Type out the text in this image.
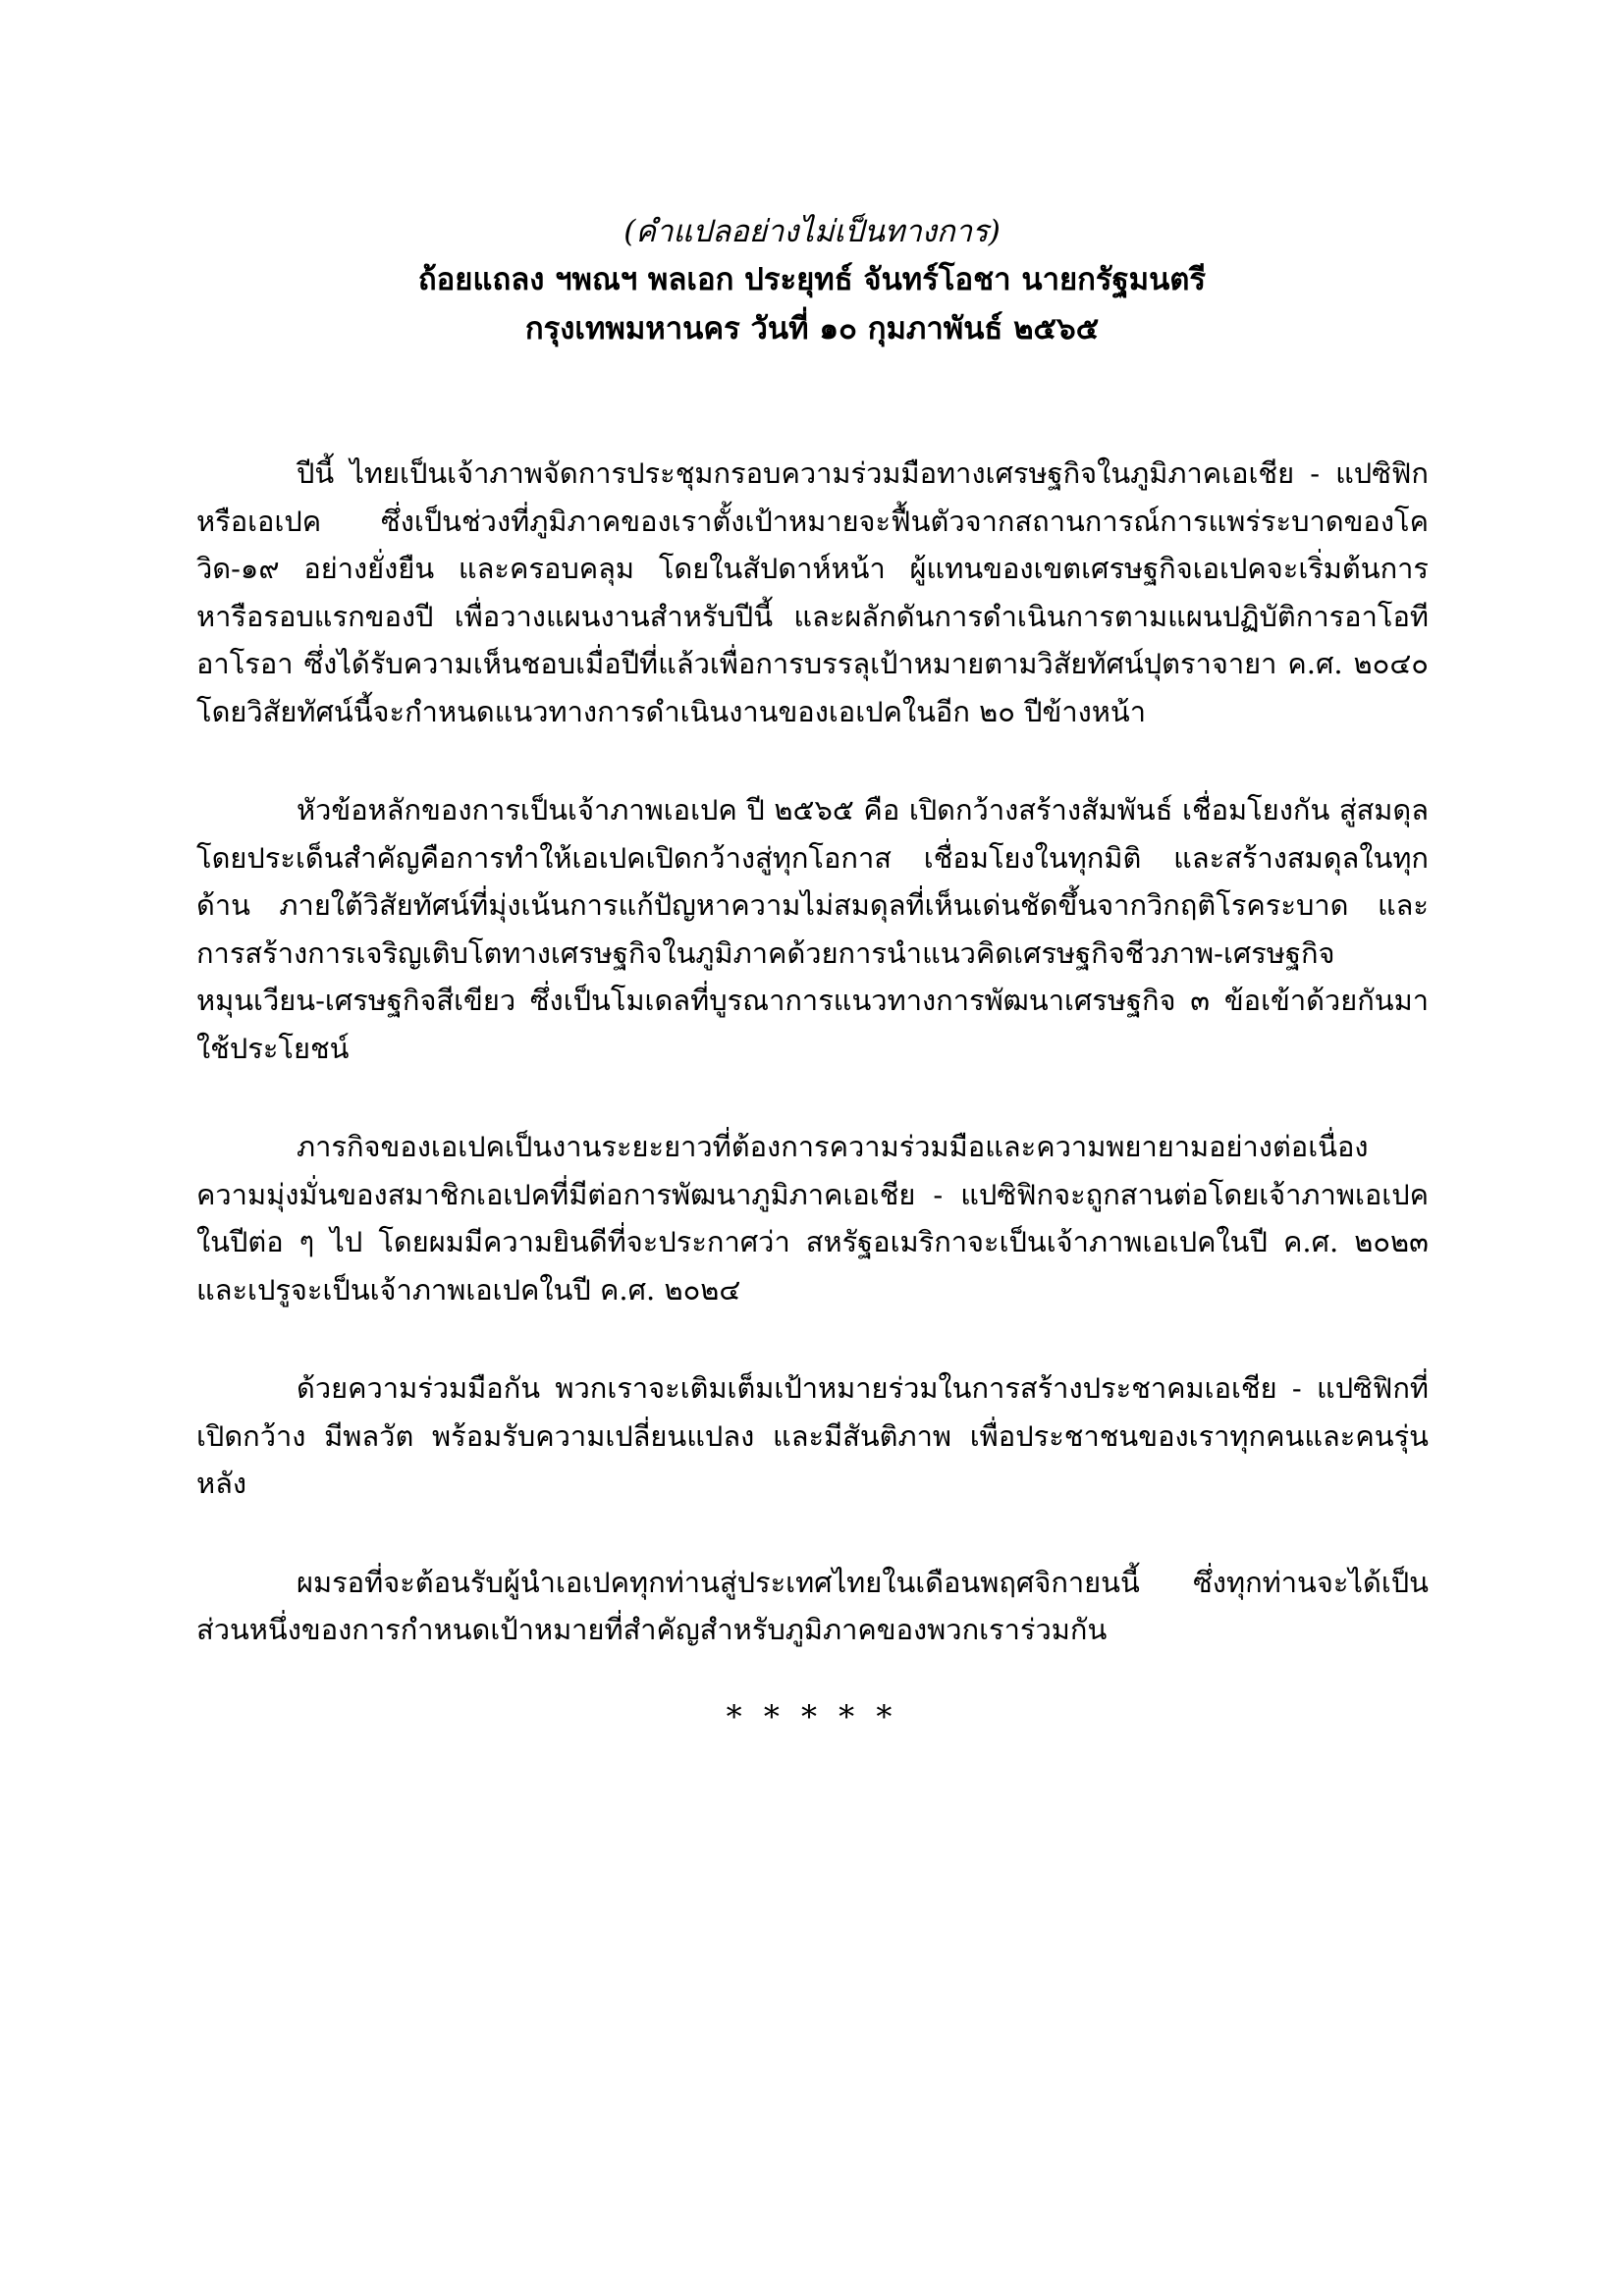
(คำแปลอย่างไม่เป็นทางการ)

ถ้อยแถลง ฯพณฯ พลเอก ประยุทธ์ จันทร์โอชา นายกรัฐมนตรี

กรุงเทพมหานคร วันที่ ๑๐ กุมภาพันธ์ ๒๕๖๕

ปีนี้ ไทยเป็นเจ้าภาพจัดการประชุมกรอบความร่วมมือทางเศรษฐกิจในภูมิภาคเอเชีย - แปซิฟิก หรือเอเปค ซึ่งเป็นช่วงที่ภูมิภาคของเราตั้งเป้าหมายจะฟื้นตัวจากสถานการณ์การแพร่ระบาดของโควิด-๑๙ อย่างยั่งยืน และครอบคลุม โดยในสัปดาห์หน้า ผู้แทนของเขตเศรษฐกิจเอเปคจะเริ่มต้นการหารือรอบแรกของปี เพื่อวางแผนงานสำหรับปีนี้ และผลักดันการดำเนินการตามแผนปฏิบัติการอาโอทีอาโรอา ซึ่งได้รับความเห็นชอบเมื่อปีที่แล้วเพื่อการบรรลุเป้าหมายตามวิสัยทัศน์ปุตราจายา ค.ศ. ๒๐๔๐ โดยวิสัยทัศน์นี้จะกำหนดแนวทางการดำเนินงานของเอเปคในอีก ๒๐ ปีข้างหน้า

หัวข้อหลักของการเป็นเจ้าภาพเอเปค ปี ๒๕๖๕ คือ เปิดกว้างสร้างสัมพันธ์ เชื่อมโยงกัน สู่สมดุล โดยประเด็นสำคัญคือการทำให้เอเปคเปิดกว้างสู่ทุกโอกาส เชื่อมโยงในทุกมิติ และสร้างสมดุลในทุกด้าน ภายใต้วิสัยทัศน์ที่มุ่งเน้นการแก้ปัญหาความไม่สมดุลที่เห็นเด่นชัดขึ้นจากวิกฤติโรคระบาด และการสร้างการเจริญเติบโตทางเศรษฐกิจในภูมิภาคด้วยการนำแนวคิดเศรษฐกิจชีวภาพ-เศรษฐกิจหมุนเวียน-เศรษฐกิจสีเขียว ซึ่งเป็นโมเดลที่บูรณาการแนวทางการพัฒนาเศรษฐกิจ ๓ ข้อเข้าด้วยกันมาใช้ประโยชน์

ภารกิจของเอเปคเป็นงานระยะยาวที่ต้องการความร่วมมือและความพยายามอย่างต่อเนื่อง ความมุ่งมั่นของสมาชิกเอเปคที่มีต่อการพัฒนาภูมิภาคเอเชีย - แปซิฟิกจะถูกสานต่อโดยเจ้าภาพเอเปคในปีต่อ ๆ ไป โดยผมมีความยินดีที่จะประกาศว่า สหรัฐอเมริกาจะเป็นเจ้าภาพเอเปคในปี ค.ศ. ๒๐๒๓ และเปรูจะเป็นเจ้าภาพเอเปคในปี ค.ศ. ๒๐๒๔

ด้วยความร่วมมือกัน พวกเราจะเติมเต็มเป้าหมายร่วมในการสร้างประชาคมเอเชีย - แปซิฟิกที่เปิดกว้าง มีพลวัต พร้อมรับความเปลี่ยนแปลง และมีสันติภาพ เพื่อประชาชนของเราทุกคนและคนรุ่นหลัง

ผมรอที่จะต้อนรับผู้นำเอเปคทุกท่านสู่ประเทศไทยในเดือนพฤศจิกายนนี้ ซึ่งทุกท่านจะได้เป็นส่วนหนึ่งของการกำหนดเป้าหมายที่สำคัญสำหรับภูมิภาคของพวกเราร่วมกัน

* * * * *
